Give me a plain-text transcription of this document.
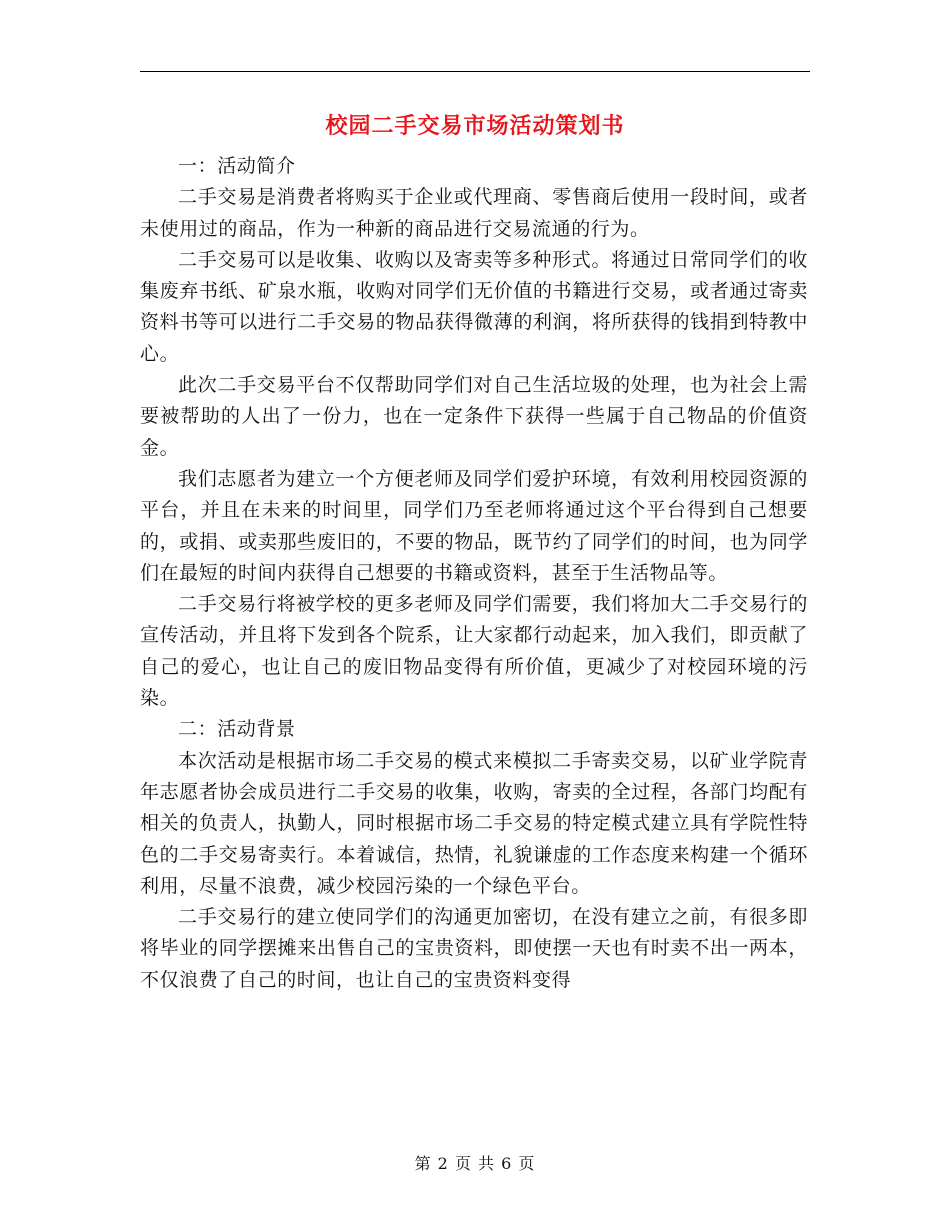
校园二手交易市场活动策划书

一：活动简介

二手交易是消费者将购买于企业或代理商、零售商后使用一段时间，或者未使用过的商品，作为一种新的商品进行交易流通的行为。

二手交易可以是收集、收购以及寄卖等多种形式。将通过日常同学们的收集废弃书纸、矿泉水瓶，收购对同学们无价值的书籍进行交易，或者通过寄卖资料书等可以进行二手交易的物品获得微薄的利润，将所获得的钱捐到特教中心。

此次二手交易平台不仅帮助同学们对自己生活垃圾的处理，也为社会上需要被帮助的人出了一份力，也在一定条件下获得一些属于自己物品的价值资金。

我们志愿者为建立一个方便老师及同学们爱护环境，有效利用校园资源的平台，并且在未来的时间里，同学们乃至老师将通过这个平台得到自己想要的，或捐、或卖那些废旧的，不要的物品，既节约了同学们的时间，也为同学们在最短的时间内获得自己想要的书籍或资料，甚至于生活物品等。

二手交易行将被学校的更多老师及同学们需要，我们将加大二手交易行的宣传活动，并且将下发到各个院系，让大家都行动起来，加入我们，即贡献了自己的爱心，也让自己的废旧物品变得有所价值，更减少了对校园环境的污染。

二：活动背景

本次活动是根据市场二手交易的模式来模拟二手寄卖交易，以矿业学院青年志愿者协会成员进行二手交易的收集，收购，寄卖的全过程，各部门均配有相关的负责人，执勤人，同时根据市场二手交易的特定模式建立具有学院性特色的二手交易寄卖行。本着诚信，热情，礼貌谦虚的工作态度来构建一个循环利用，尽量不浪费，减少校园污染的一个绿色平台。

二手交易行的建立使同学们的沟通更加密切，在没有建立之前，有很多即将毕业的同学摆摊来出售自己的宝贵资料，即使摆一天也有时卖不出一两本，不仅浪费了自己的时间，也让自己的宝贵资料变得

第 2 页 共 6 页
